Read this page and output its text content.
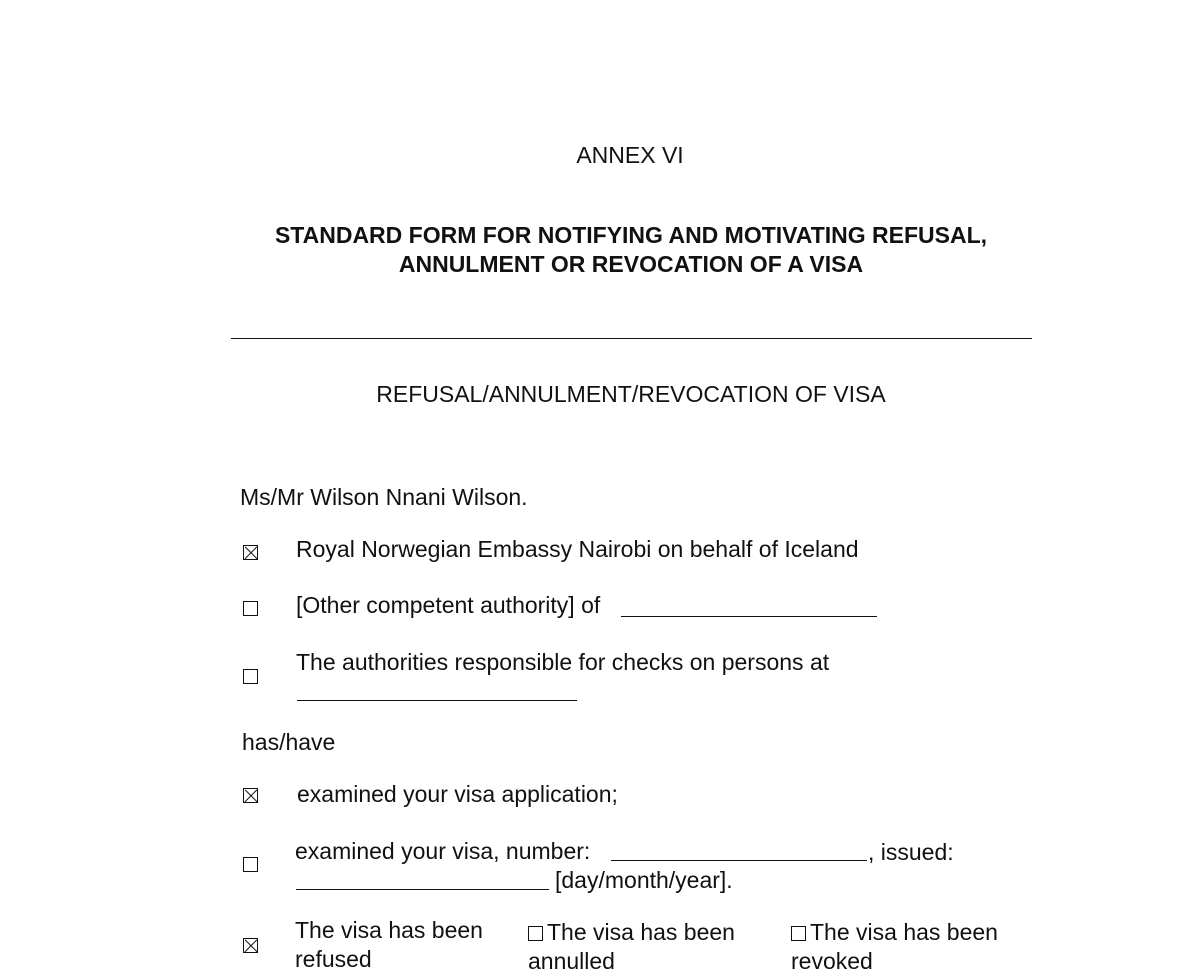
ANNEX VI
STANDARD FORM FOR NOTIFYING AND MOTIVATING REFUSAL,
ANNULMENT OR REVOCATION OF A VISA
REFUSAL/ANNULMENT/REVOCATION OF VISA
Ms/Mr Wilson Nnani Wilson.
Royal Norwegian Embassy Nairobi on behalf of Iceland
[Other competent authority] of
The authorities responsible for checks on persons at
has/have
examined your visa application;
examined your visa, number:	, issued:
[day/month/year].
The visa has been
refused
The visa has been
annulled
The visa has been
revoked
